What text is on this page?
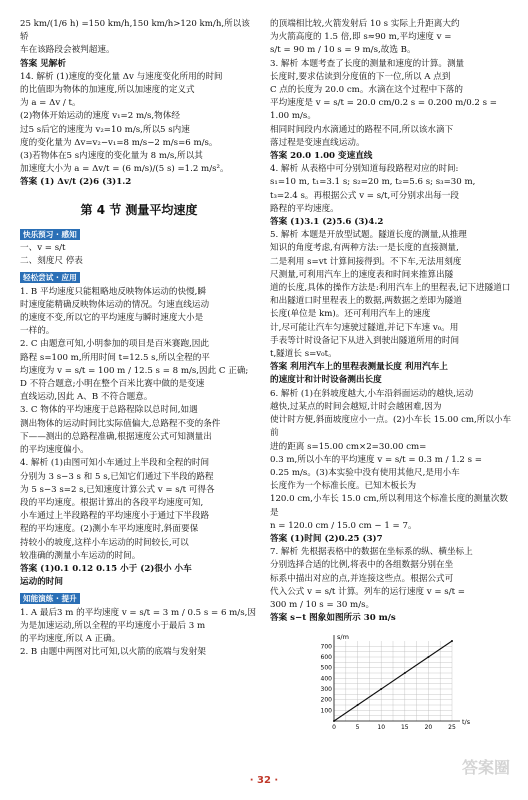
25 km/(1/6 h) =150 km/h,150 km/h>120 km/h,所以该轿

车在该路段会被判超速。

答案 见解析

14. 解析 (1)速度的变化量 Δv 与速度变化所用的时间

的比值即为物体的加速度,所以加速度的定义式

为 a = Δv / t。

(2)物体开始运动的速度 v₁=2 m/s,物体经

过5 s后它的速度为 v₂=10 m/s,所以5 s内速

度的变化量为 Δv=v₂−v₁=8 m/s−2 m/s=6 m/s。

(3)若物体在5 s内速度的变化量为 8 m/s,所以其

加速度大小为 a = Δv/t = (6 m/s)/(5 s) =1.2 m/s²。

答案 (1) Δv/t (2)6 (3)1.2

第 4 节 测量平均速度
快乐预习 · 感知

一、v = s/t

二、刻度尺 停表

轻松尝试 · 应用

1. B 平均速度只能粗略地反映物体运动的快慢,瞬

时速度能精确反映物体运动的情况。匀速直线运动

的速度不变,所以它的平均速度与瞬时速度大小是

一样的。

2. C 由题意可知,小明参加的项目是百米赛跑,因此

路程 s=100 m,所用时间 t=12.5 s,所以全程的平

均速度为 v = s/t = 100 m / 12.5 s = 8 m/s,因此 C 正确;

D 不符合题意;小明在整个百米比赛中做的是变速

直线运动,因此 A、B 不符合题意。

3. C 物体的平均速度于总路程除以总时间,如遇

测出物体的运动时间比实际值偏大,总路程不变的条件

下——测出的总路程准确,根据速度公式可知测量出

的平均速度偏小。

4. 解析 (1)由图可知小车通过上半段和全程的时间

分别为 3 s−3 s 和 5 s,已知它们通过下半段的路程

为 5 s−3 s=2 s,已知速度计算公式 v = s/t 可得各

段的平均速度。根据计算出的各段平均速度可知,

小车通过上半段路程的平均速度小于通过下半段路

程的平均速度。(2)测小车平均速度时,斜面要保

持较小的坡度,这样小车运动的时间较长,可以

较准确的测量小车运动的时间。

答案 (1)0.1 0.12 0.15 小于 (2)很小 小车

运动的时间

知能演练 · 提升

1. A 最后3 m 的平均速度 v = s/t = 3 m / 0.5 s = 6 m/s,因

为是加速运动,所以全程的平均速度小于最后 3 m

的平均速度,所以 A 正确。

2. B 由题中两图对比可知,以火箭的底端与发射架

的顶端相比较,火箭发射后 10 s 实际上升距离大约

为火箭高度的 1.5 倍,即 s≈90 m,平均速度 v =

s/t = 90 m / 10 s = 9 m/s,故选 B。

3. 解析 本题考查了长度的测量和速度的计算。测量

长度时,要求估读到分度值的下一位,所以 A 点到

C 点的长度为 20.0 cm。水滴在这个过程中下落的

平均速度是 v = s/t = 20.0 cm/0.2 s = 0.200 m/0.2 s = 1.00 m/s。

相同时间段内水滴通过的路程不同,所以该水滴下

落过程是变速直线运动。

答案 20.0 1.00 变速直线

4. 解析 从表格中可分别知道每段路程对应的时间:

s₁=10 m, t₁=3.1 s; s₂=20 m, t₂=5.6 s; s₃=30 m,

t₃=2.4 s。再根据公式 v = s/t,可分别求出每一段

路程的平均速度。

答案 (1)3.1 (2)5.6 (3)4.2

5. 解析 本题是开放型试题。隧道长度的测量,从推理

知识的角度考虑,有两种方法:一是长度的直接测量,

二是利用 s=vt 计算间接得到。不下车,无法用刻度

尺测量,可利用汽车上的速度表和时间来推算出隧

道的长度,具体的操作方法是:利用汽车上的里程表,记下进隧道口

和出隧道口时里程表上的数据,两数据之差即为隧道

长度(单位是 km)。还可利用汽车上的速度

计,尽可能让汽车匀速驶过隧道,并记下车速 v₀。用

手表等计时设备记下从进入到驶出隧道所用的时间

t,隧道长 s=v₀t。

答案 利用汽车上的里程表测量长度 利用汽车上

的速度计和计时设备测出长度

6. 解析 (1)在斜坡度越大,小车沿斜面运动的越快,运动

越快,过某点的时间会越短,计时会越困难,因为

使计时方便,斜面坡度应小一点。(2)小车长 15.00 cm,所以小车前

进的距离 s=15.00 cm×2=30.00 cm=

0.3 m,所以小车的平均速度 v = s/t = 0.3 m / 1.2 s =

0.25 m/s。(3)本实验中没有使用其他尺,是用小车

长度作为一个标准长度。已知木板长为

120.0 cm,小车长 15.0 cm,所以利用这个标准长度的测量次数是

n = 120.0 cm / 15.0 cm − 1 = 7。

答案 (1)时间 (2)0.25 (3)7

7. 解析 先根据表格中的数据在坐标系的纵、横坐标上

分别选择合适的比例,将表中的各组数据分别在坐

标系中描出对应的点,并连接这些点。根据公式可

代入公式 v = s/t 计算。列车的运行速度 v = s/t =

300 m / 10 s = 30 m/s。

答案 s−t 图象如图所示 30 m/s

0	5	10	15	20	25
100
200
300
400
500
600
700
t/s
s/m
· 32 ·
答案圈
